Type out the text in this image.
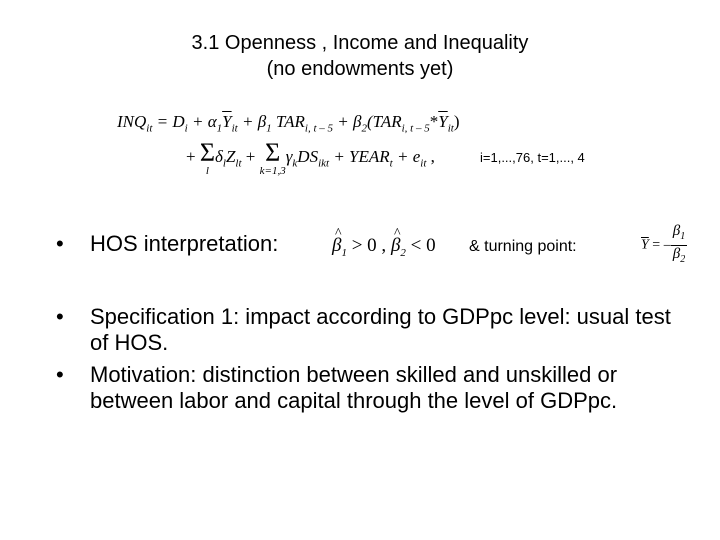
3.1 Openness , Income and Inequality
(no endowments yet)
$INQ_{it} = D_i + \alpha_1\overline{Y}_{it} + \beta_1$ $TAR_{i, t - 5} + \beta_2(TAR_{i, t - 5}*\overline{Y}_{it})$
+ Σ
l
$\delta_lZ_{lt} + \Sigma$
k=1,3
$\gamma_kDS_{ikt}$ + $YEAR_t + e_{it}$ ,	i=1,...,76, t=1,..., 4
• HOS interpretation:	^ $\beta_1 > 0$ , ^ $\beta_2 < 0$ & turning point:	$\overline{Y}$ = – $\frac{\beta_1}{\beta_2}$
• Specification 1: impact according to GDPpc level: usual test of HOS.
• Motivation: distinction between skilled and unskilled or between labor and capital through the level of GDPpc.
